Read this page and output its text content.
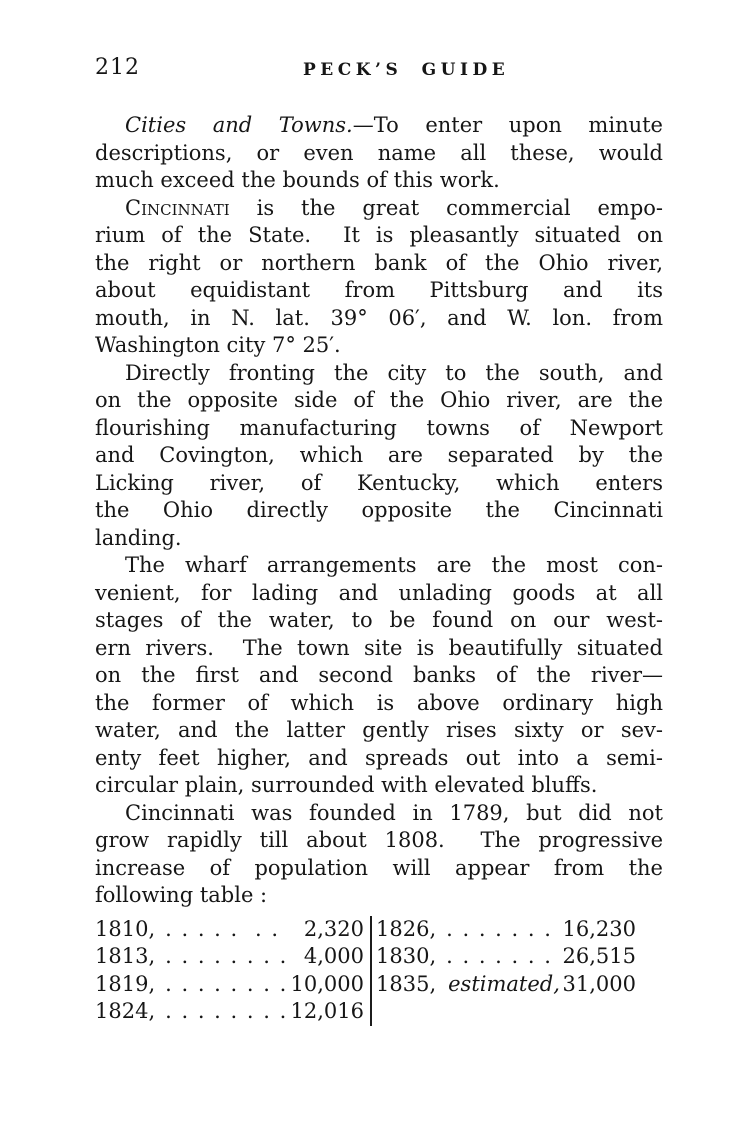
212	PECK’S GUIDE
Cities and Towns.—To enter upon minute
descriptions, or even name all these, would
much exceed the bounds of this work.
Cincinnati is the great commercial empo-
rium of the State.  It is pleasantly situated on
the right or northern bank of the Ohio river,
about equidistant from Pittsburg and its
mouth, in N. lat. 39° 06′, and W. lon. from
Washington city 7° 25′.
Directly fronting the city to the south, and
on the opposite side of the Ohio river, are the
flourishing manufacturing towns of Newport
and Covington, which are separated by the
Licking river, of Kentucky, which enters
the Ohio directly opposite the Cincinnati
landing.
The wharf arrangements are the most con-
venient, for lading and unlading goods at all
stages of the water, to be found on our west-
ern rivers.  The town site is beautifully situated
on the first and second banks of the river—
the former of which is above ordinary high
water, and the latter gently rises sixty or sev-
enty feet higher, and spreads out into a semi-
circular plain, surrounded with elevated bluffs.
Cincinnati was founded in 1789, but did not
grow rapidly till about 1808.  The progressive
increase of population will appear from the
following table :
1810, . . . . .  . .	2,320
1813, . . . . . . . . 4,000
1819, . . . . . . . . 10,000
1824, . . . . . . . . 12,016
1826, . . . . . . . 16,230
1830, . . . . . . . 26,515
1835, estimated, 31,000
